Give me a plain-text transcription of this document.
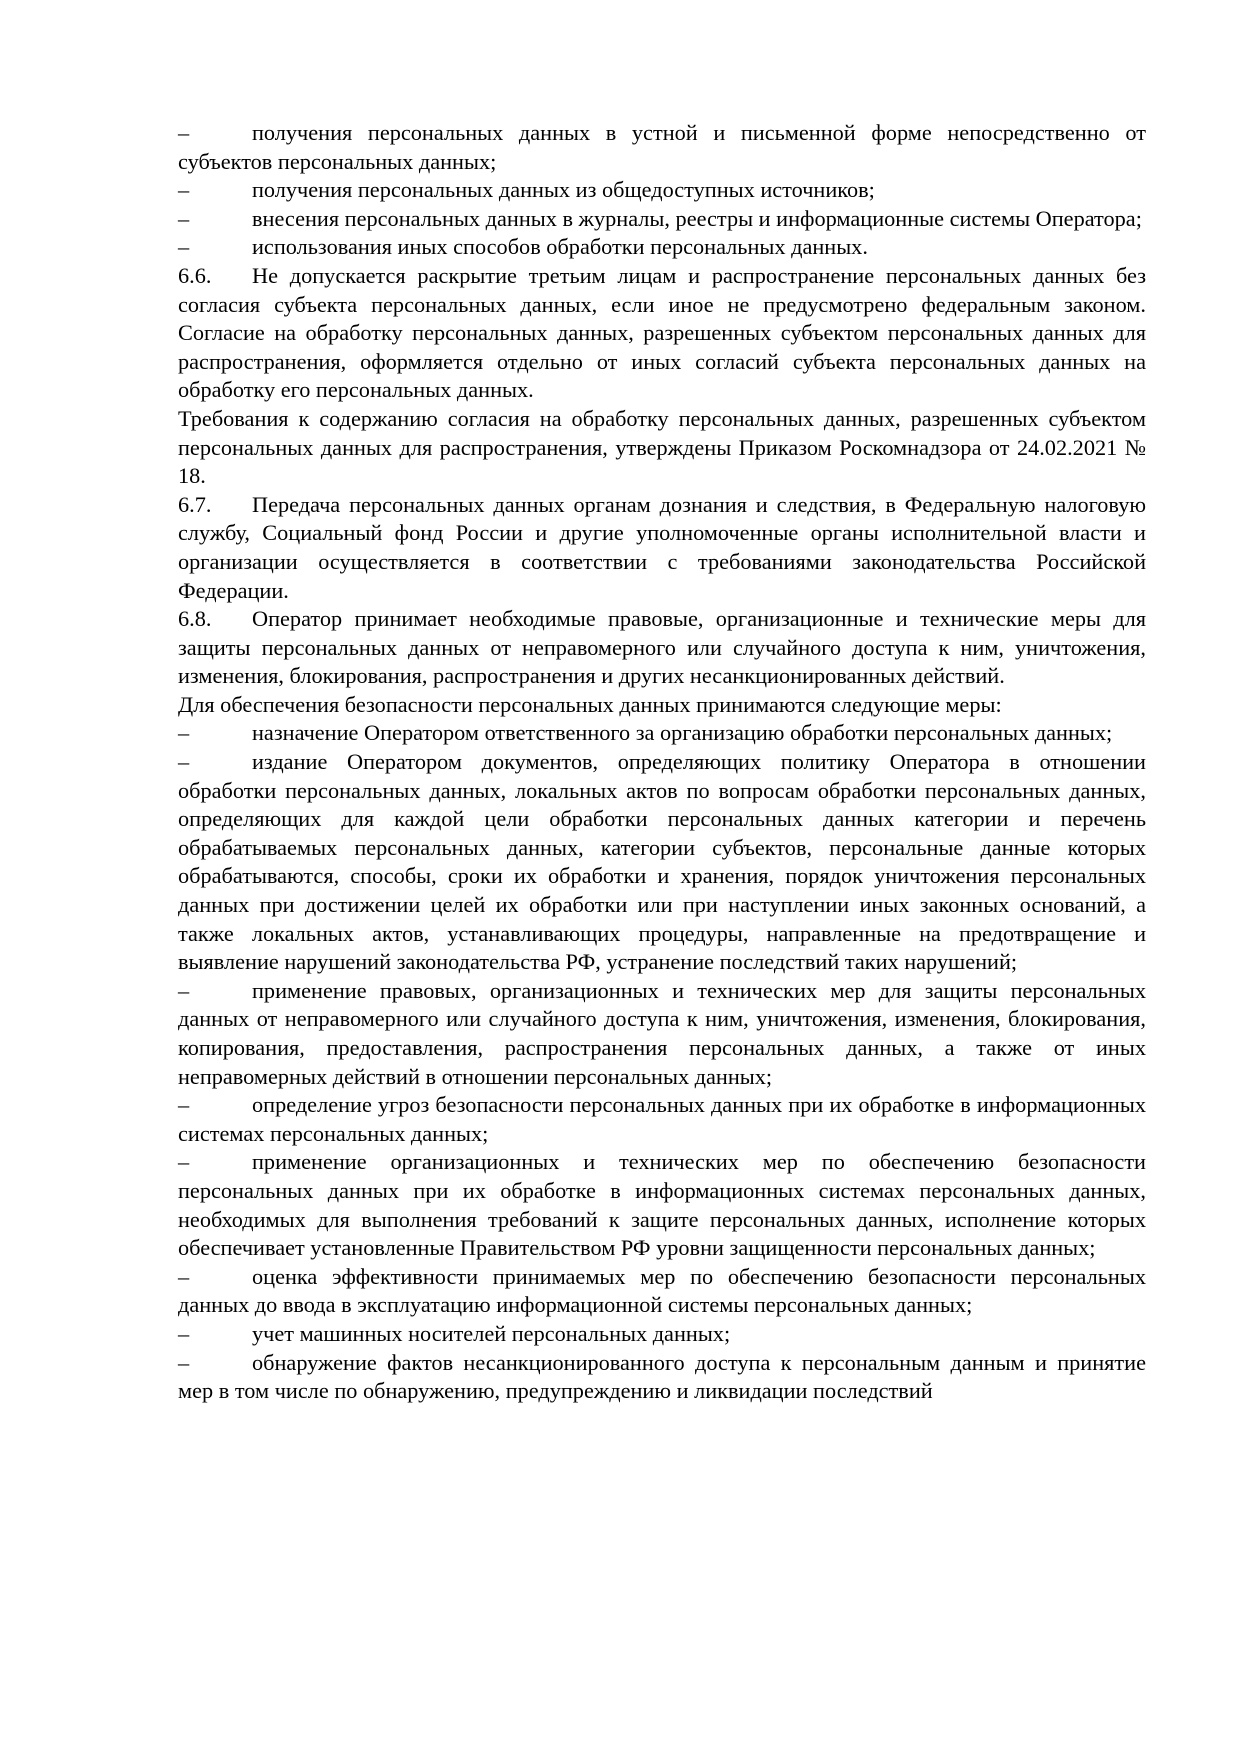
–	получения персональных данных в устной и письменной форме непосредственно от субъектов персональных данных;

–	получения персональных данных из общедоступных источников;

–	внесения персональных данных в журналы, реестры и информационные системы Оператора;

–	использования иных способов обработки персональных данных.

6.6. Не допускается раскрытие третьим лицам и распространение персональных данных без согласия субъекта персональных данных, если иное не предусмотрено федеральным законом. Согласие на обработку персональных данных, разрешенных субъектом персональных данных для распространения, оформляется отдельно от иных согласий субъекта персональных данных на обработку его персональных данных.

Требования к содержанию согласия на обработку персональных данных, разрешенных субъектом персональных данных для распространения, утверждены Приказом Роскомнадзора от 24.02.2021 № 18.

6.7. Передача персональных данных органам дознания и следствия, в Федеральную налоговую службу, Социальный фонд России и другие уполномоченные органы исполнительной власти и организации осуществляется в соответствии с требованиями законодательства Российской Федерации.

6.8. Оператор принимает необходимые правовые, организационные и технические меры для защиты персональных данных от неправомерного или случайного доступа к ним, уничтожения, изменения, блокирования, распространения и других несанкционированных действий.

Для обеспечения безопасности персональных данных принимаются следующие меры:

–	назначение Оператором ответственного за организацию обработки персональных данных;

–	издание Оператором документов, определяющих политику Оператора в отношении обработки персональных данных, локальных актов по вопросам обработки персональных данных, определяющих для каждой цели обработки персональных данных категории и перечень обрабатываемых персональных данных, категории субъектов, персональные данные которых обрабатываются, способы, сроки их обработки и хранения, порядок уничтожения персональных данных при достижении целей их обработки или при наступлении иных законных оснований, а также локальных актов, устанавливающих процедуры, направленные на предотвращение и выявление нарушений законодательства РФ, устранение последствий таких нарушений;

–	применение правовых, организационных и технических мер для защиты персональных данных от неправомерного или случайного доступа к ним, уничтожения, изменения, блокирования, копирования, предоставления, распространения персональных данных, а также от иных неправомерных действий в отношении персональных данных;

–	определение угроз безопасности персональных данных при их обработке в информационных системах персональных данных;

–	применение организационных и технических мер по обеспечению безопасности персональных данных при их обработке в информационных системах персональных данных, необходимых для выполнения требований к защите персональных данных, исполнение которых обеспечивает установленные Правительством РФ уровни защищенности персональных данных;

–	оценка эффективности принимаемых мер по обеспечению безопасности персональных данных до ввода в эксплуатацию информационной системы персональных данных;

–	учет машинных носителей персональных данных;

–	обнаружение фактов несанкционированного доступа к персональным данным и принятие мер в том числе по обнаружению, предупреждению и ликвидации последствий
